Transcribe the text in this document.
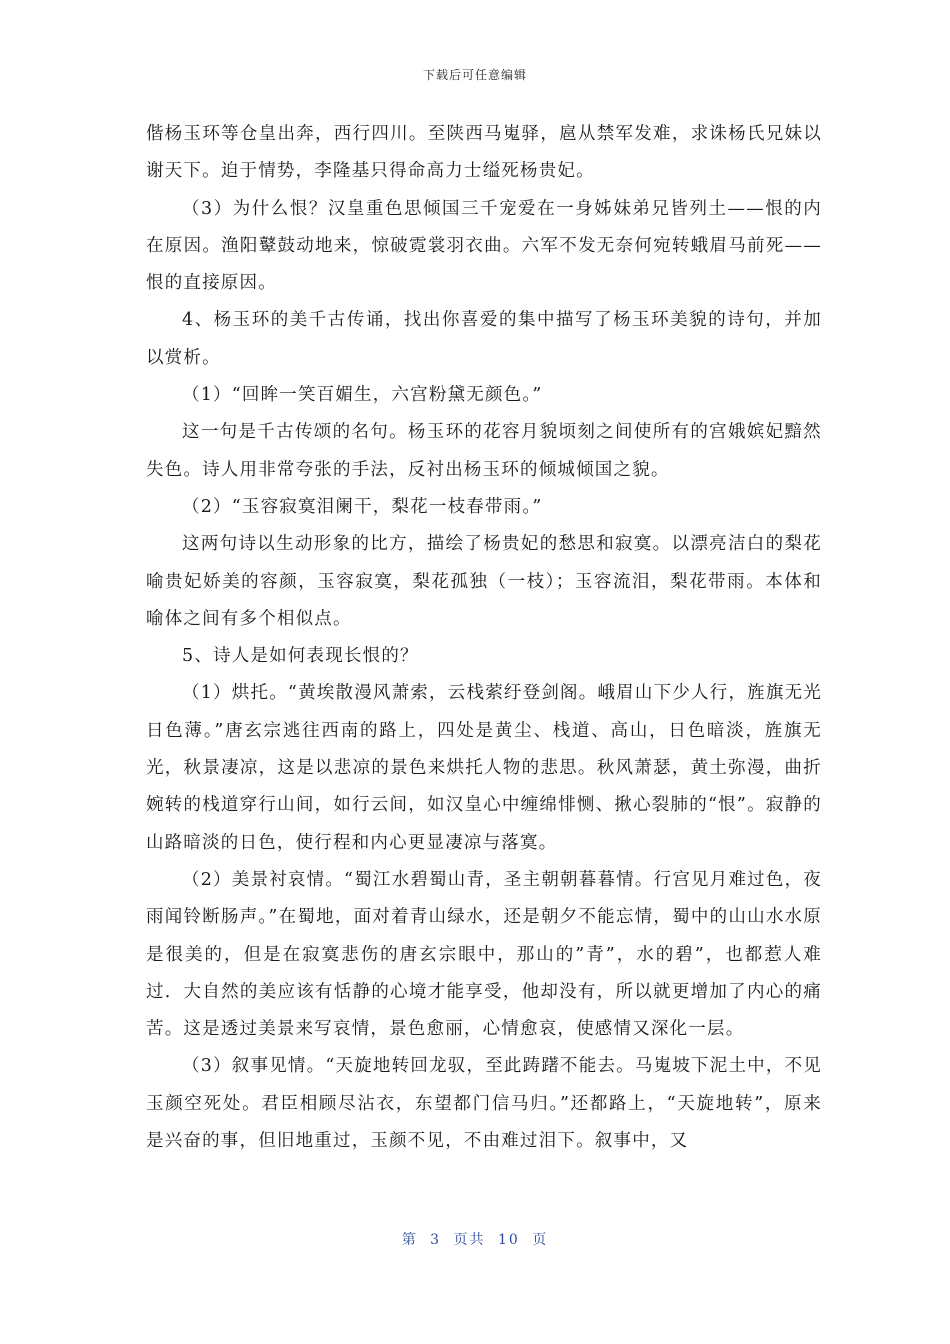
下载后可任意编辑

偕杨玉环等仓皇出奔，西行四川。至陕西马嵬驿，扈从禁军发难，求诛杨氏兄妹以谢天下。迫于情势，李隆基只得命高力士缢死杨贵妃。

（3）为什么恨？汉皇重色思倾国三千宠爱在一身姊妹弟兄皆列土——恨的内在原因。渔阳鼙鼓动地来，惊破霓裳羽衣曲。六军不发无奈何宛转蛾眉马前死——恨的直接原因。

4、杨玉环的美千古传诵，找出你喜爱的集中描写了杨玉环美貌的诗句，并加以赏析。

（1）“回眸一笑百媚生，六宫粉黛无颜色。”

这一句是千古传颂的名句。杨玉环的花容月貌顷刻之间使所有的宫娥嫔妃黯然失色。诗人用非常夸张的手法，反衬出杨玉环的倾城倾国之貌。

（2）“玉容寂寞泪阑干，梨花一枝春带雨。”

这两句诗以生动形象的比方，描绘了杨贵妃的愁思和寂寞。以漂亮洁白的梨花喻贵妃娇美的容颜，玉容寂寞，梨花孤独（一枝）；玉容流泪，梨花带雨。本体和喻体之间有多个相似点。

5、诗人是如何表现长恨的？

（1）烘托。“黄埃散漫风萧索，云栈萦纡登剑阁。峨眉山下少人行，旌旗无光日色薄。”唐玄宗逃往西南的路上，四处是黄尘、栈道、高山，日色暗淡，旌旗无光，秋景凄凉，这是以悲凉的景色来烘托人物的悲思。秋风萧瑟，黄土弥漫，曲折婉转的栈道穿行山间，如行云间，如汉皇心中缠绵悱恻、揪心裂肺的“恨”。寂静的山路暗淡的日色，使行程和内心更显凄凉与落寞。

（2）美景衬哀情。“蜀江水碧蜀山青，圣主朝朝暮暮情。行宫见月难过色，夜雨闻铃断肠声。”在蜀地，面对着青山绿水，还是朝夕不能忘情，蜀中的山山水水原是很美的，但是在寂寞悲伤的唐玄宗眼中，那山的”青”，水的碧”，也都惹人难过．大自然的美应该有恬静的心境才能享受，他却没有，所以就更增加了内心的痛苦。这是透过美景来写哀情，景色愈丽，心情愈哀，使感情又深化一层。

（3）叙事见情。“天旋地转回龙驭，至此踌躇不能去。马嵬坡下泥土中，不见玉颜空死处。君臣相顾尽沾衣，东望都门信马归。”还都路上，“天旋地转”，原来是兴奋的事，但旧地重过，玉颜不见，不由难过泪下。叙事中，又

第 3 页共 10 页
